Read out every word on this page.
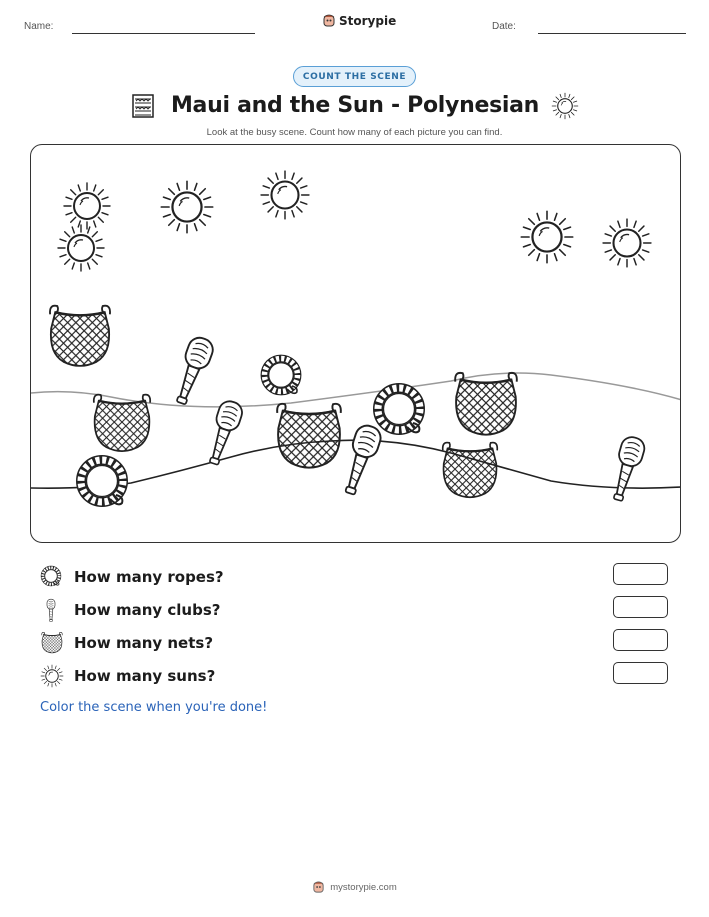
Name:	Storypie	Date:
COUNT THE SCENE
Maui and the Sun - Polynesian
Look at the busy scene. Count how many of each picture you can find.
How many ropes?
How many clubs?
How many nets?
How many suns?
Color the scene when you're done!
mystorypie.com
